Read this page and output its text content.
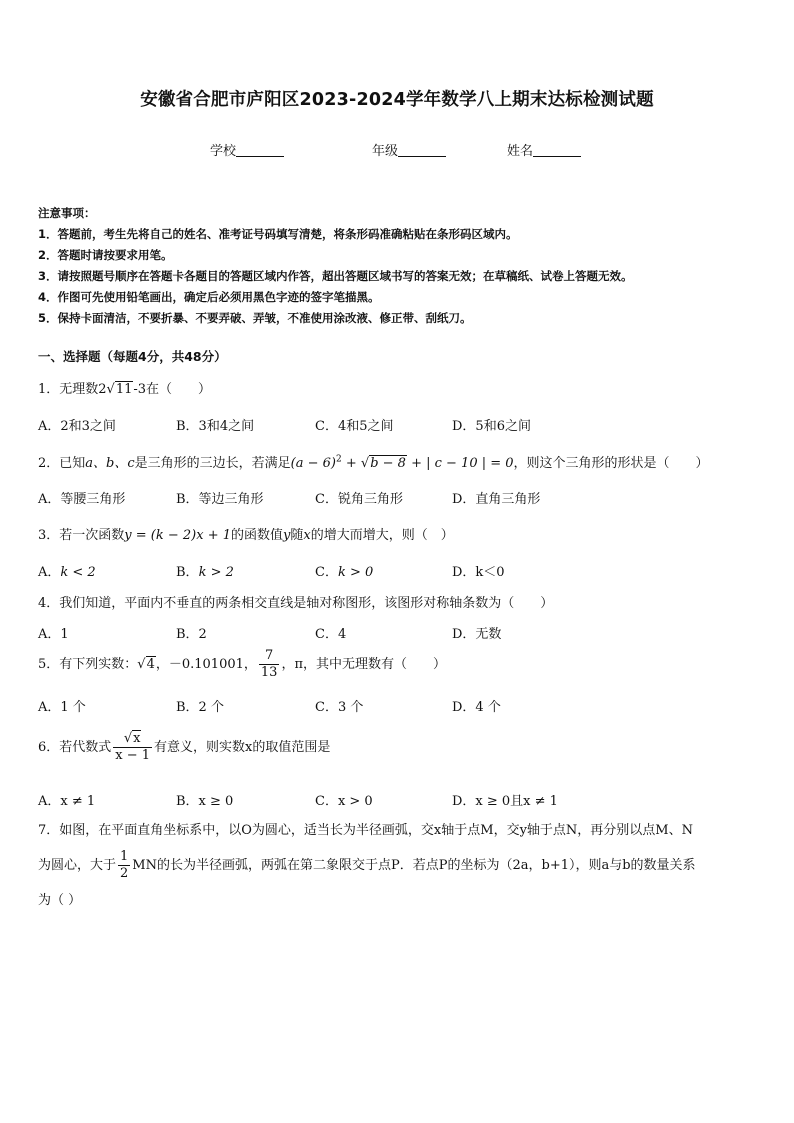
安徽省合肥市庐阳区2023-2024学年数学八上期末达标检测试题
学校	年级	姓名
注意事项：
1．答题前，考生先将自己的姓名、准考证号码填写清楚，将条形码准确粘贴在条形码区域内。
2．答题时请按要求用笔。
3．请按照题号顺序在答题卡各题目的答题区域内作答，超出答题区域书写的答案无效；在草稿纸、试卷上答题无效。
4．作图可先使用铅笔画出，确定后必须用黑色字迹的签字笔描黑。
5．保持卡面清洁，不要折暴、不要弄破、弄皱，不准使用涂改液、修正带、刮纸刀。
一、选择题（每题4分，共48分）
1．无理数2√11-3在（　　）
A．2和3之间	B．3和4之间	C．4和5之间	D．5和6之间
2．已知a、b、c是三角形的三边长，若满足$(a - 6)^2 + √b - 8$ + | c − 10 | = 0，则这个三角形的形状是（　　）
A．等腰三角形	B．等边三角形	C．锐角三角形	D．直角三角形
3．若一次函数y = (k − 2)x + 1的函数值y随x的增大而增大，则（　）
A．k < 2	B．k > 2	C．k > 0	D．k＜0
4．我们知道，平面内不垂直的两条相交直线是轴对称图形，该图形对称轴条数为（　　）
A．1	B．2	C．4	D．无数
5．有下列实数：√4，－0.101001， $\frac{7}{13}$ ，π，其中无理数有（　　）
A．1 个	B．2 个	C．3 个	D．4 个
6．若代数式 $\frac{√x}{x - 1}$ 有意义，则实数x的取值范围是
A．x ≠ 1	B．x ≥ 0	C．x > 0	D．x ≥ 0且x ≠ 1
7．如图，在平面直角坐标系中，以O为圆心，适当长为半径画弧，交x轴于点M，交y轴于点N，再分别以点M、N
为圆心，大于 $\frac{1}{2}$ MN的长为半径画弧，两弧在第二象限交于点P．若点P的坐标为（2a，b+1），则a与b的数量关系
为（ ）
